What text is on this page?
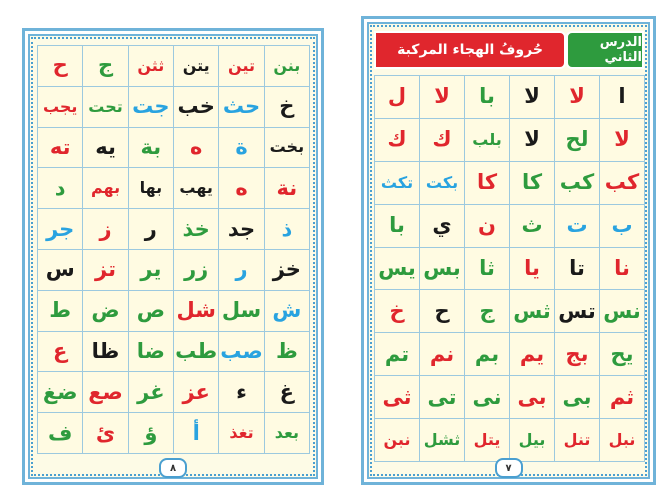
بنن
تين
يتن
ثثن
ج
ح
خ
حث
خب
جت
تحت
يجب
بخت
ة
ه
بة
يه
ته
نة
ه
يهب
بها
بهم
د
ذ
جد
خذ
ر
ز
جر
خز
ر
زر
ير
تز
س
ش
سل
شل
ص
ض
ط
ظ
صب
طب
ضا
ظا
ع
غ
ء
عز
غر
صع
ضغ
بعد
تغذ
أ
ؤ
ئ
ف
٨
الدرس الثاني
حُروفُ الهجاء المركبة
ا
لا
لا
با
لا
ل
لا
لح
لا
بلب
ك
ك
كب
كب
كا
كا
بكت
تكث
ب
ت
ث
ن
ي
با
نا
تا
يا
ثا
بس
يس
نس
تس
ثس
ج
ح
خ
يح
بج
يم
بم
نم
تم
ثم
بى
بى
نى
تى
ثى
نبل
تنل
بيل
يتل
ثشل
نبن
٧
